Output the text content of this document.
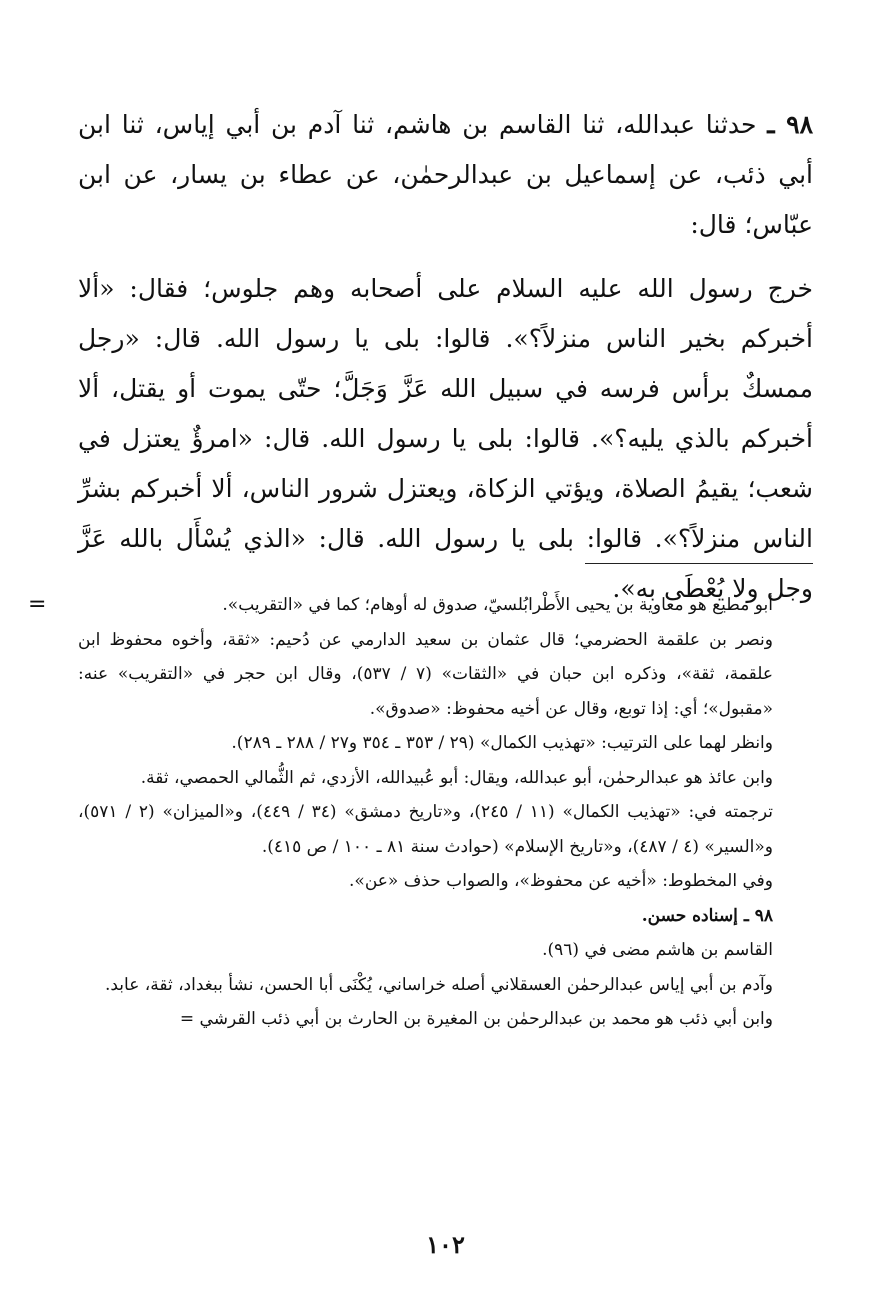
٩٨ ـ حدثنا عبدالله، ثنا القاسم بن هاشم، ثنا آدم بن أبي إياس، ثنا ابن أبي ذئب، عن إسماعيل بن عبدالرحمٰن، عن عطاء بن يسار، عن ابن عبّاس؛ قال:

خرج رسول الله عليه السلام على أصحابه وهم جلوس؛ فقال: «ألا أخبركم بخير الناس منزلاً؟». قالوا: بلى يا رسول الله. قال: «رجل ممسكٌ برأس فرسه في سبيل الله عَزَّ وَجَلَّ؛ حتّى يموت أو يقتل، ألا أخبركم بالذي يليه؟». قالوا: بلى يا رسول الله. قال: «امرؤٌ يعتزل في شعب؛ يقيمُ الصلاة، ويؤتي الزكاة، ويعتزل شرور الناس، ألا أخبركم بشرِّ الناس منزلاً؟». قالوا: بلى يا رسول الله. قال: «الذي يُسْأَل بالله عَزَّ وجل ولا يُعْطَى به».

=	أبو مطيع هو معاوية بن يحيى الأَطْرابُلسيّ، صدوق له أوهام؛ كما في «التقريب».

ونصر بن علقمة الحضرمي؛ قال عثمان بن سعيد الدارمي عن دُحيم: «ثقة، وأخوه محفوظ ابن علقمة، ثقة»، وذكره ابن حبان في «الثقات» (٧ / ٥٣٧)، وقال ابن حجر في «التقريب» عنه: «مقبول»؛ أي: إذا توبع، وقال عن أخيه محفوظ: «صدوق».

وانظر لهما على الترتيب: «تهذيب الكمال» (٢٩ / ٣٥٣ ـ ٣٥٤ و٢٧ / ٢٨٨ ـ ٢٨٩).

وابن عائذ هو عبدالرحمٰن، أبو عبدالله، ويقال: أبو عُبيدالله، الأزدي، ثم الثُّمالي الحمصي، ثقة.

ترجمته في: «تهذيب الكمال» (١١ / ٢٤٥)، و«تاريخ دمشق» (٣٤ / ٤٤٩)، و«الميزان» (٢ / ٥٧١)، و«السير» (٤ / ٤٨٧)، و«تاريخ الإسلام» (حوادث سنة ٨١ ـ ١٠٠ / ص ٤١٥).

وفي المخطوط: «أخيه عن محفوظ»، والصواب حذف «عن».

٩٨ ـ إسناده حسن.

القاسم بن هاشم مضى في (٩٦).

وآدم بن أبي إياس عبدالرحمٰن العسقلاني أصله خراساني، يُكْنَى أبا الحسن، نشأ ببغداد، ثقة، عابد.

وابن أبي ذئب هو محمد بن عبدالرحمٰن بن المغيرة بن الحارث بن أبي ذئب القرشي =

١٠٢
